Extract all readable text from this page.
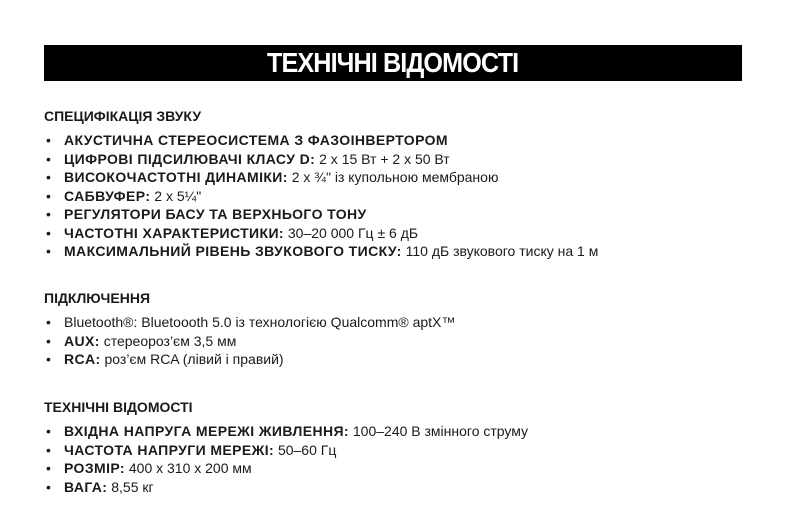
ТЕХНІЧНІ ВІДОМОСТІ
СПЕЦИФІКАЦІЯ ЗВУКУ
• АКУСТИЧНА СТЕРЕОСИСТЕМА З ФАЗОІНВЕРТОРОМ
• ЦИФРОВІ ПІДСИЛЮВАЧІ КЛАСУ D: 2 x 15 Вт + 2 x 50 Вт
• ВИСОКОЧАСТОТНІ ДИНАМІКИ: 2 x ¾" із купольною мембраною
• САБВУФЕР: 2 x 5¼"
• РЕГУЛЯТОРИ БАСУ ТА ВЕРХНЬОГО ТОНУ
• ЧАСТОТНІ ХАРАКТЕРИСТИКИ: 30–20 000 Гц ± 6 дБ
• МАКСИМАЛЬНИЙ РІВЕНЬ ЗВУКОВОГО ТИСКУ: 110 дБ звукового тиску на 1 м
ПІДКЛЮЧЕННЯ
• Bluetooth®: Bluetoooth 5.0 із технологією Qualcomm® aptX™
• AUX: стереороз’єм 3,5 мм
• RCA: роз’єм RCA (лівий і правий)
ТЕХНІЧНІ ВІДОМОСТІ
• ВХІДНА НАПРУГА МЕРЕЖІ ЖИВЛЕННЯ: 100–240 В змінного струму
• ЧАСТОТА НАПРУГИ МЕРЕЖІ: 50–60 Гц
• РОЗМІР: 400 x 310 x 200 мм
• ВАГА: 8,55 кг
